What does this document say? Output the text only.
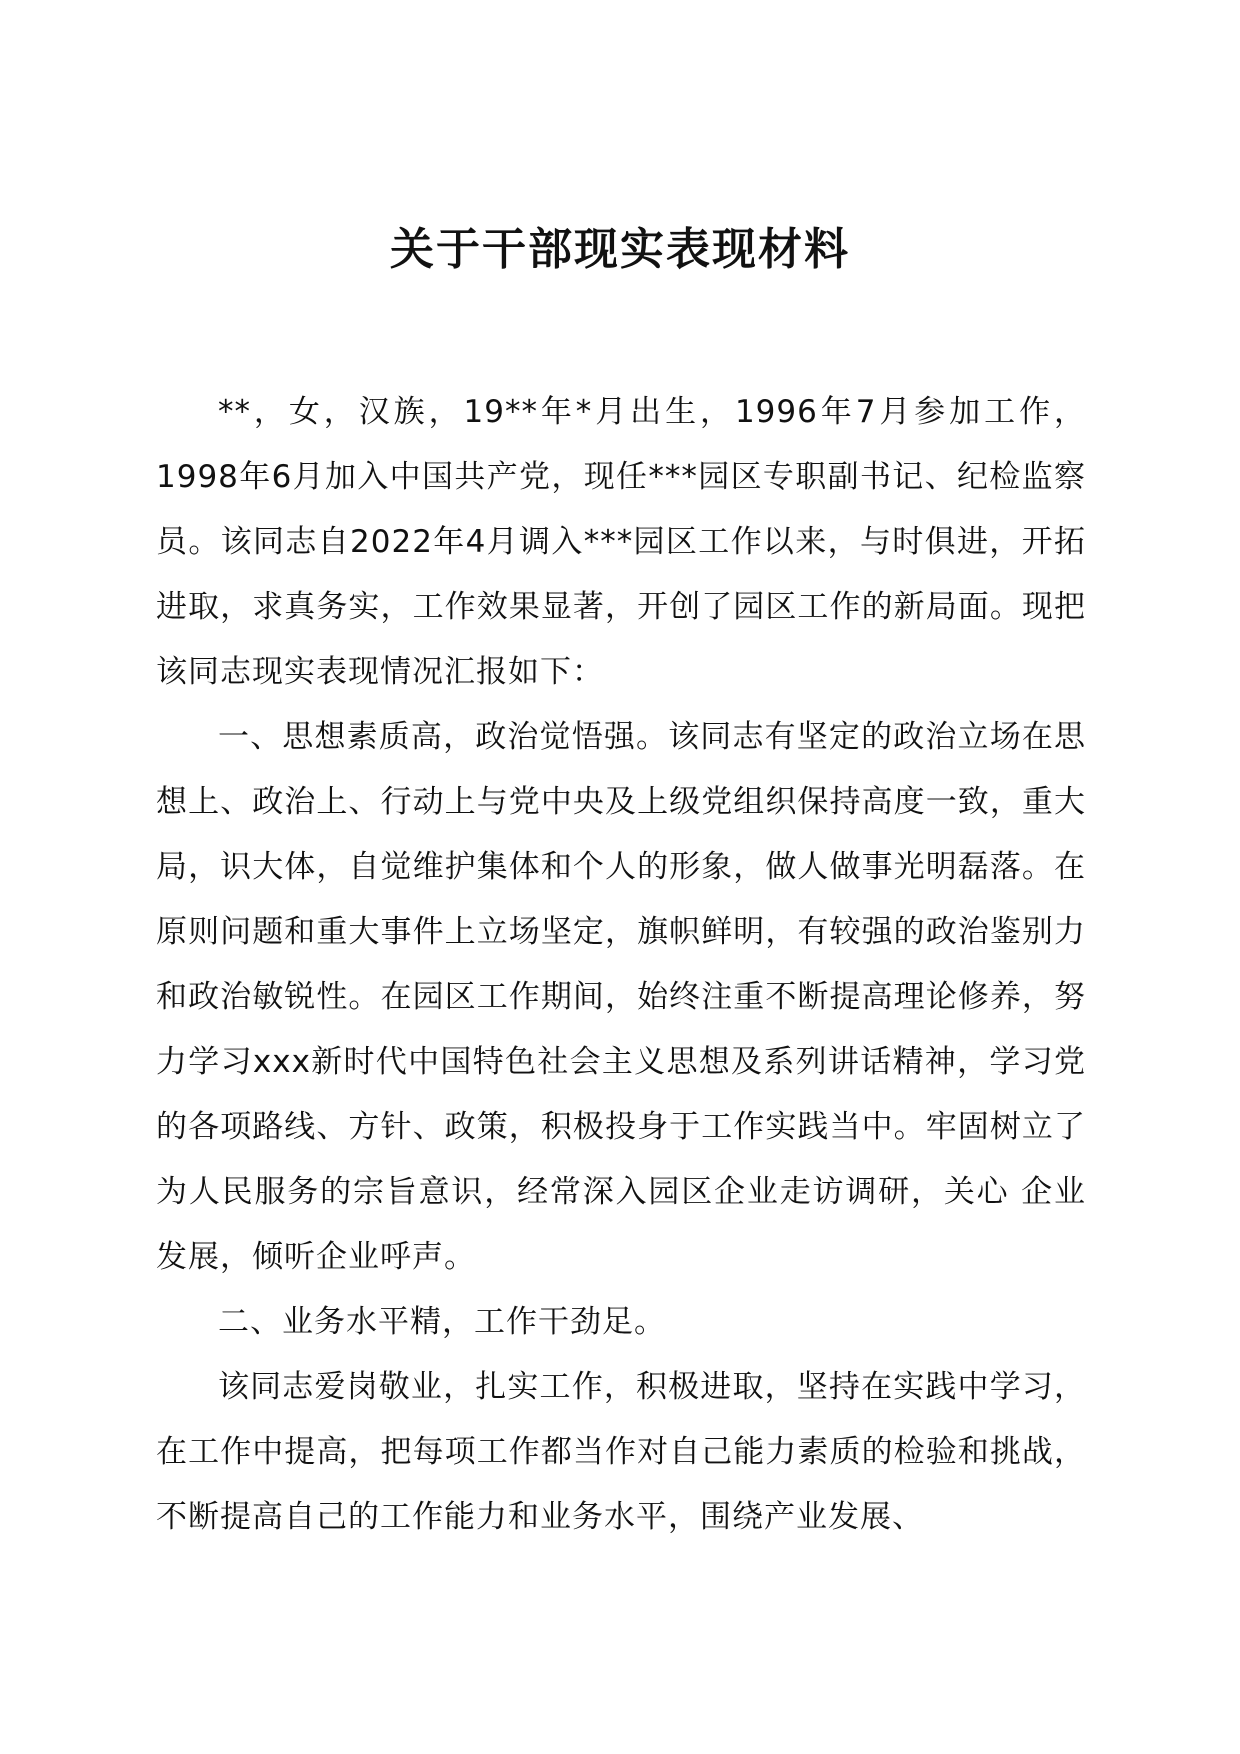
关于干部现实表现材料

**，女，汉族，19**年*月出生，1996年7月参加工作，1998年6月加入中国共产党，现任***园区专职副书记、纪检监察员。该同志自2022年4月调入***园区工作以来，与时俱进，开拓进取，求真务实，工作效果显著，开创了园区工作的新局面。现把该同志现实表现情况汇报如下：

一、思想素质高，政治觉悟强。该同志有坚定的政治立场在思想上、政治上、行动上与党中央及上级党组织保持高度一致，重大局，识大体，自觉维护集体和个人的形象，做人做事光明磊落。在原则问题和重大事件上立场坚定，旗帜鲜明，有较强的政治鉴别力和政治敏锐性。在园区工作期间，始终注重不断提高理论修养，努力学习xxx新时代中国特色社会主义思想及系列讲话精神，学习党的各项路线、方针、政策，积极投身于工作实践当中。牢固树立了为人民服务的宗旨意识，经常深入园区企业走访调研，关心 企业发展，倾听企业呼声。

二、业务水平精，工作干劲足。

该同志爱岗敬业，扎实工作，积极进取，坚持在实践中学习，在工作中提高，把每项工作都当作对自己能力素质的检验和挑战，不断提高自己的工作能力和业务水平，围绕产业发展、
